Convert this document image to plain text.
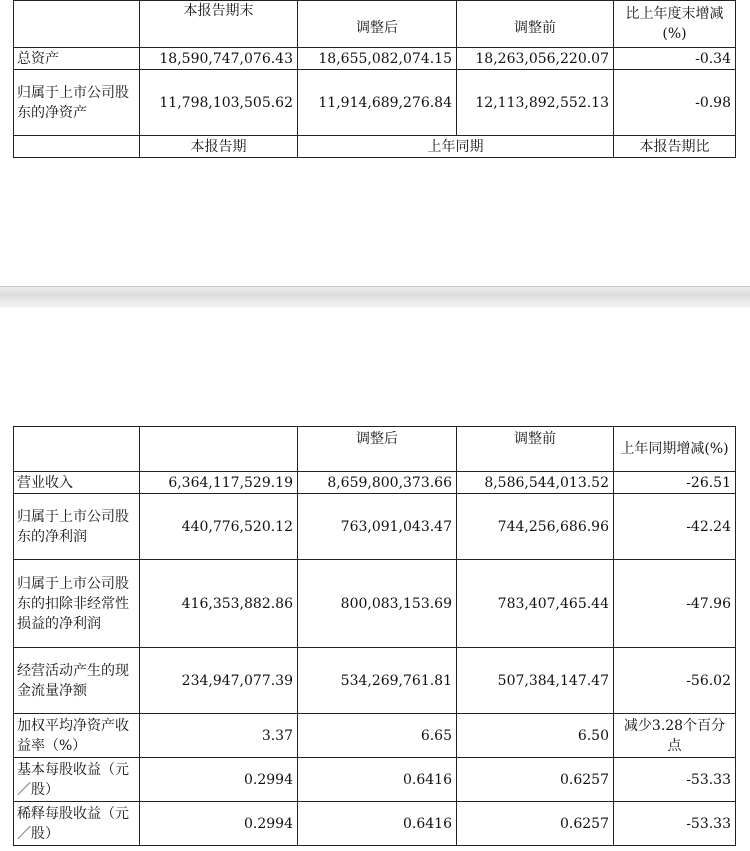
	本报告期末	调整后	调整前	比上年度末增减(%)
总资产	18,590,747,076.43	18,655,082,074.15	18,263,056,220.07	-0.34
归属于上市公司股东的净资产	11,798,103,505.62	11,914,689,276.84	12,113,892,552.13	-0.98
	本报告期	上年同期		本报告期比
		调整后	调整前	上年同期增减(%)
营业收入	6,364,117,529.19	8,659,800,373.66	8,586,544,013.52	-26.51
归属于上市公司股东的净利润	440,776,520.12	763,091,043.47	744,256,686.96	-42.24
归属于上市公司股东的扣除非经常性损益的净利润	416,353,882.86	800,083,153.69	783,407,465.44	-47.96
经营活动产生的现金流量净额	234,947,077.39	534,269,761.81	507,384,147.47	-56.02
加权平均净资产收益率（%）	3.37	6.65	6.50	减少3.28个百分点
基本每股收益（元／股）	0.2994	0.6416	0.6257	-53.33
稀释每股收益（元／股）	0.2994	0.6416	0.6257	-53.33
